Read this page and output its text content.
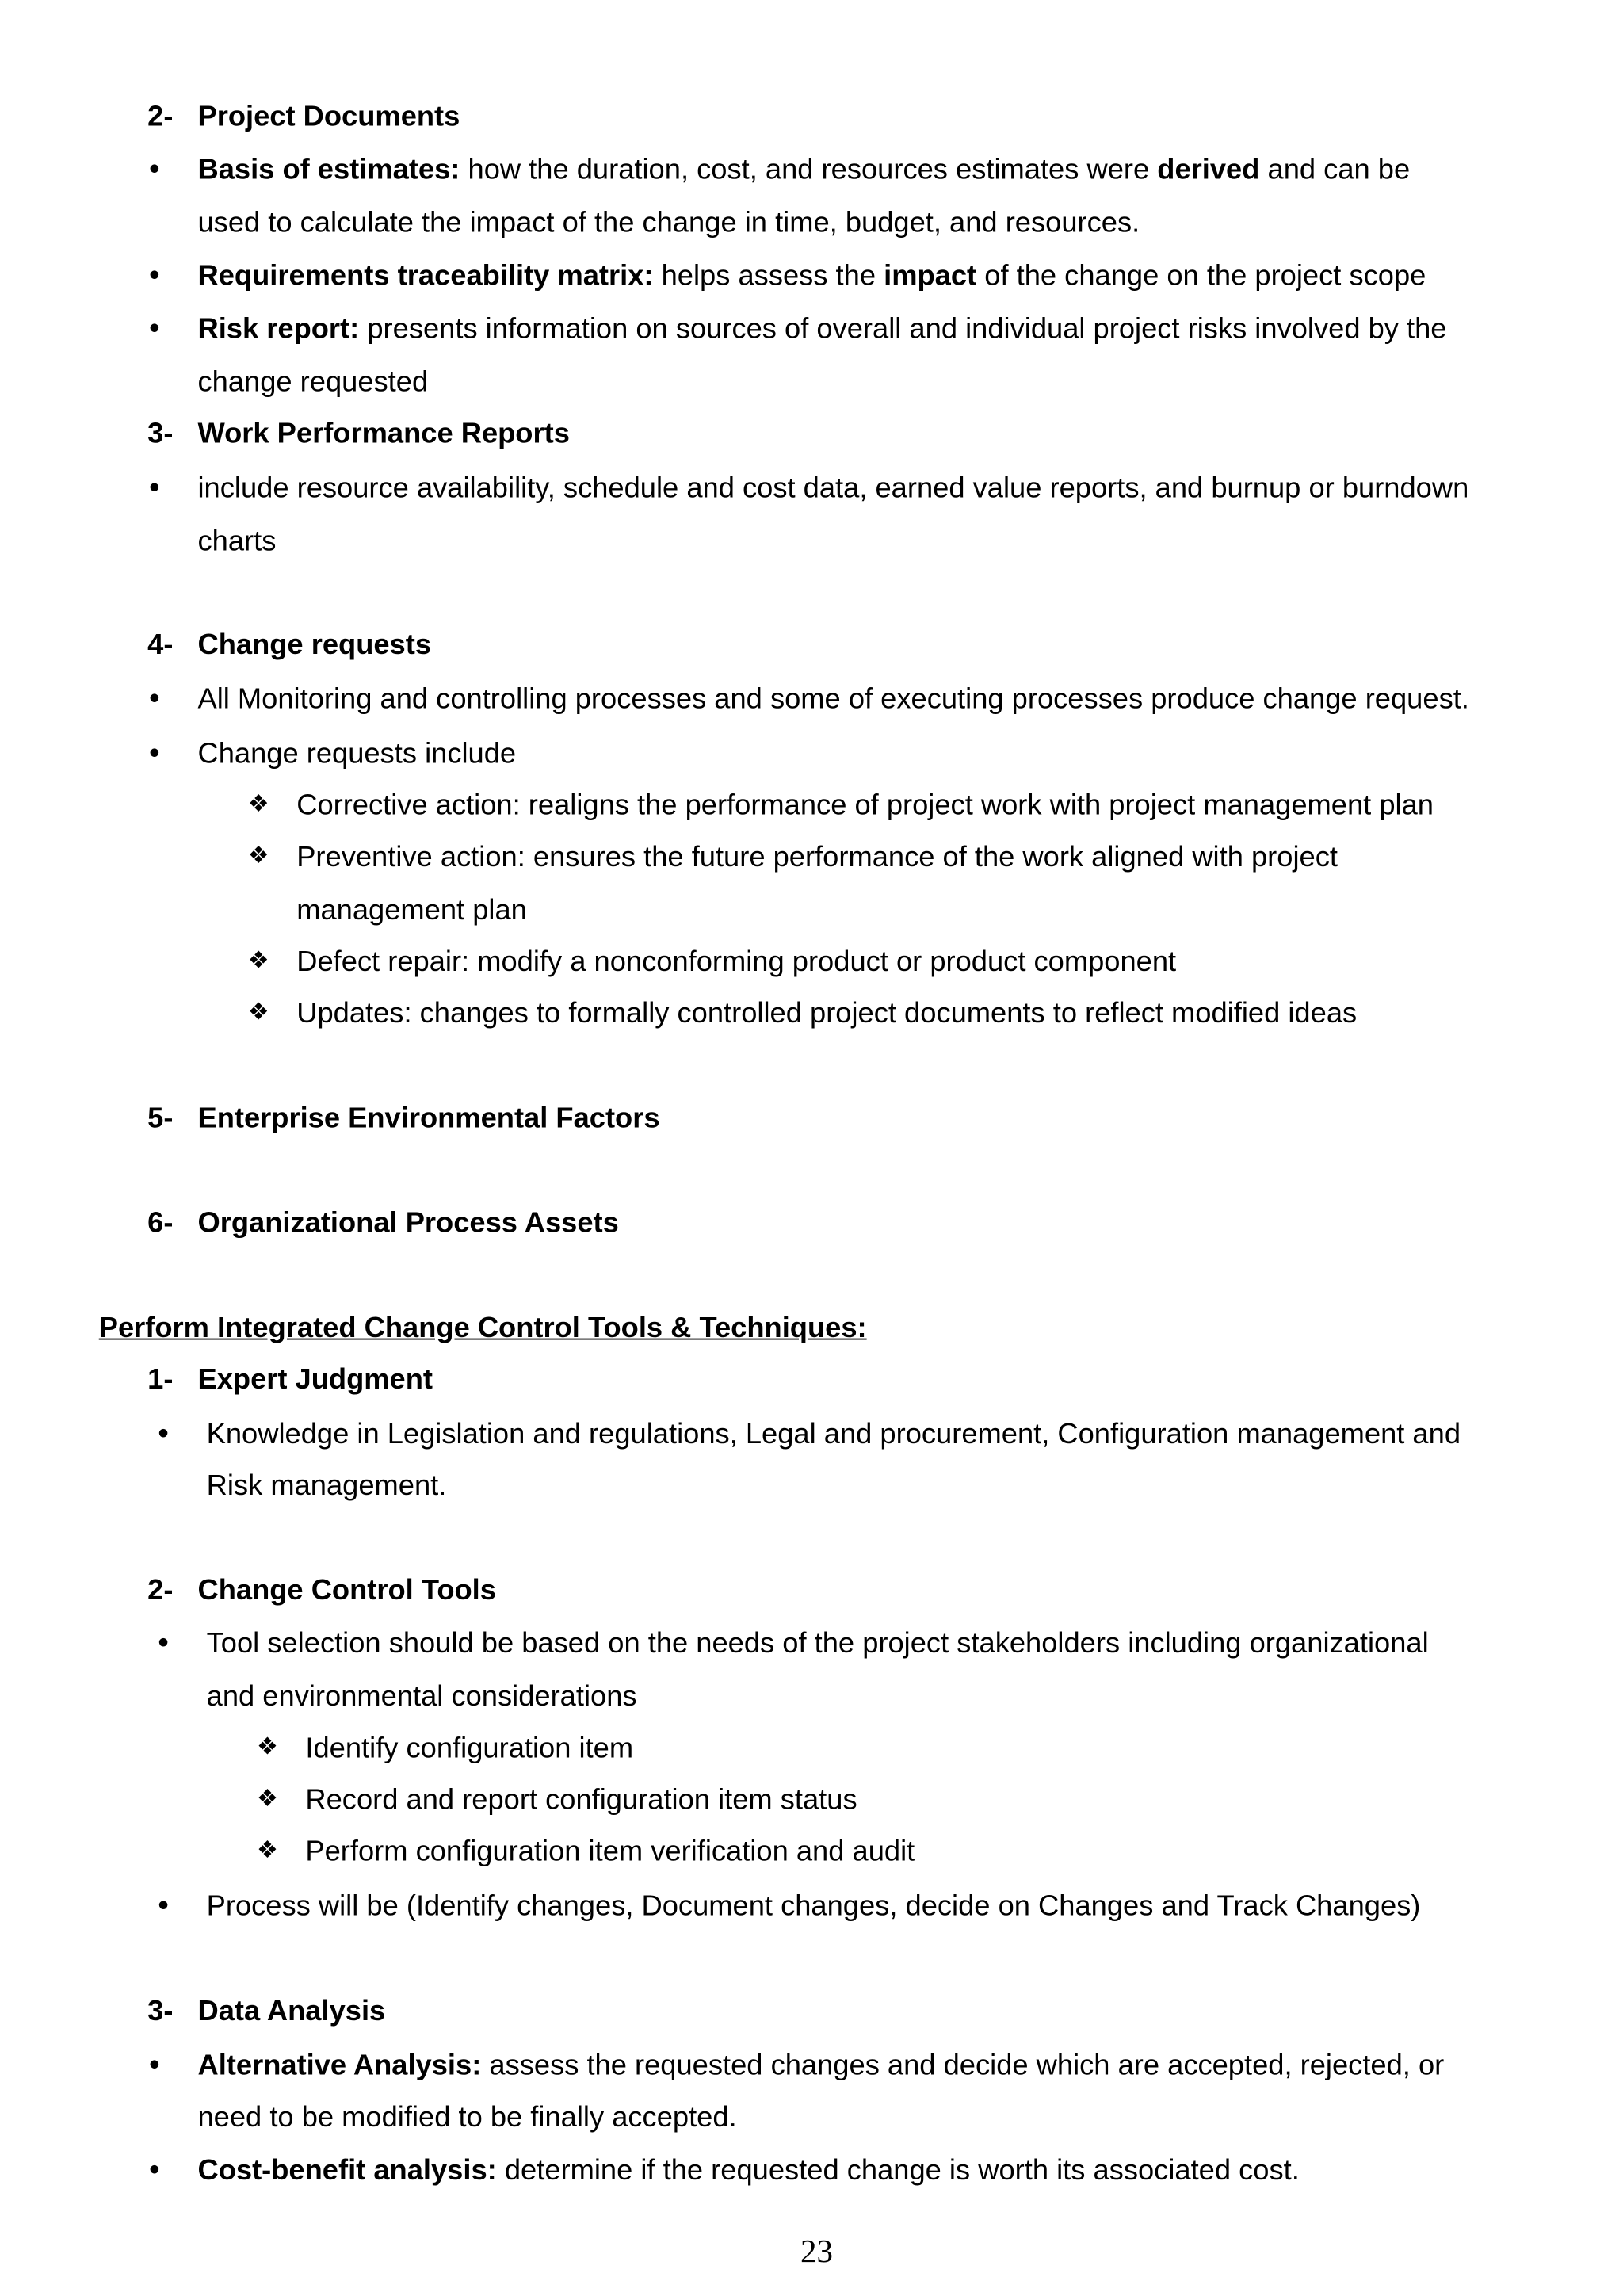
2- Project Documents
• Basis of estimates: how the duration, cost, and resources estimates were derived and can be
used to calculate the impact of the change in time, budget, and resources.
• Requirements traceability matrix: helps assess the impact of the change on the project scope
• Risk report: presents information on sources of overall and individual project risks involved by the
change requested
3- Work Performance Reports
• include resource availability, schedule and cost data, earned value reports, and burnup or burndown
charts
4- Change requests
• All Monitoring and controlling processes and some of executing processes produce change request.
• Change requests include
❖ Corrective action: realigns the performance of project work with project management plan
❖ Preventive action: ensures the future performance of the work aligned with project
management plan
❖ Defect repair: modify a nonconforming product or product component
❖ Updates: changes to formally controlled project documents to reflect modified ideas
5- Enterprise Environmental Factors
6- Organizational Process Assets
Perform Integrated Change Control Tools & Techniques:
1- Expert Judgment
• Knowledge in Legislation and regulations, Legal and procurement, Configuration management and
Risk management.
2- Change Control Tools
• Tool selection should be based on the needs of the project stakeholders including organizational
and environmental considerations
❖ Identify configuration item
❖ Record and report configuration item status
❖ Perform configuration item verification and audit
• Process will be (Identify changes, Document changes, decide on Changes and Track Changes)
3- Data Analysis
• Alternative Analysis: assess the requested changes and decide which are accepted, rejected, or
need to be modified to be finally accepted.
• Cost-benefit analysis: determine if the requested change is worth its associated cost.
23
